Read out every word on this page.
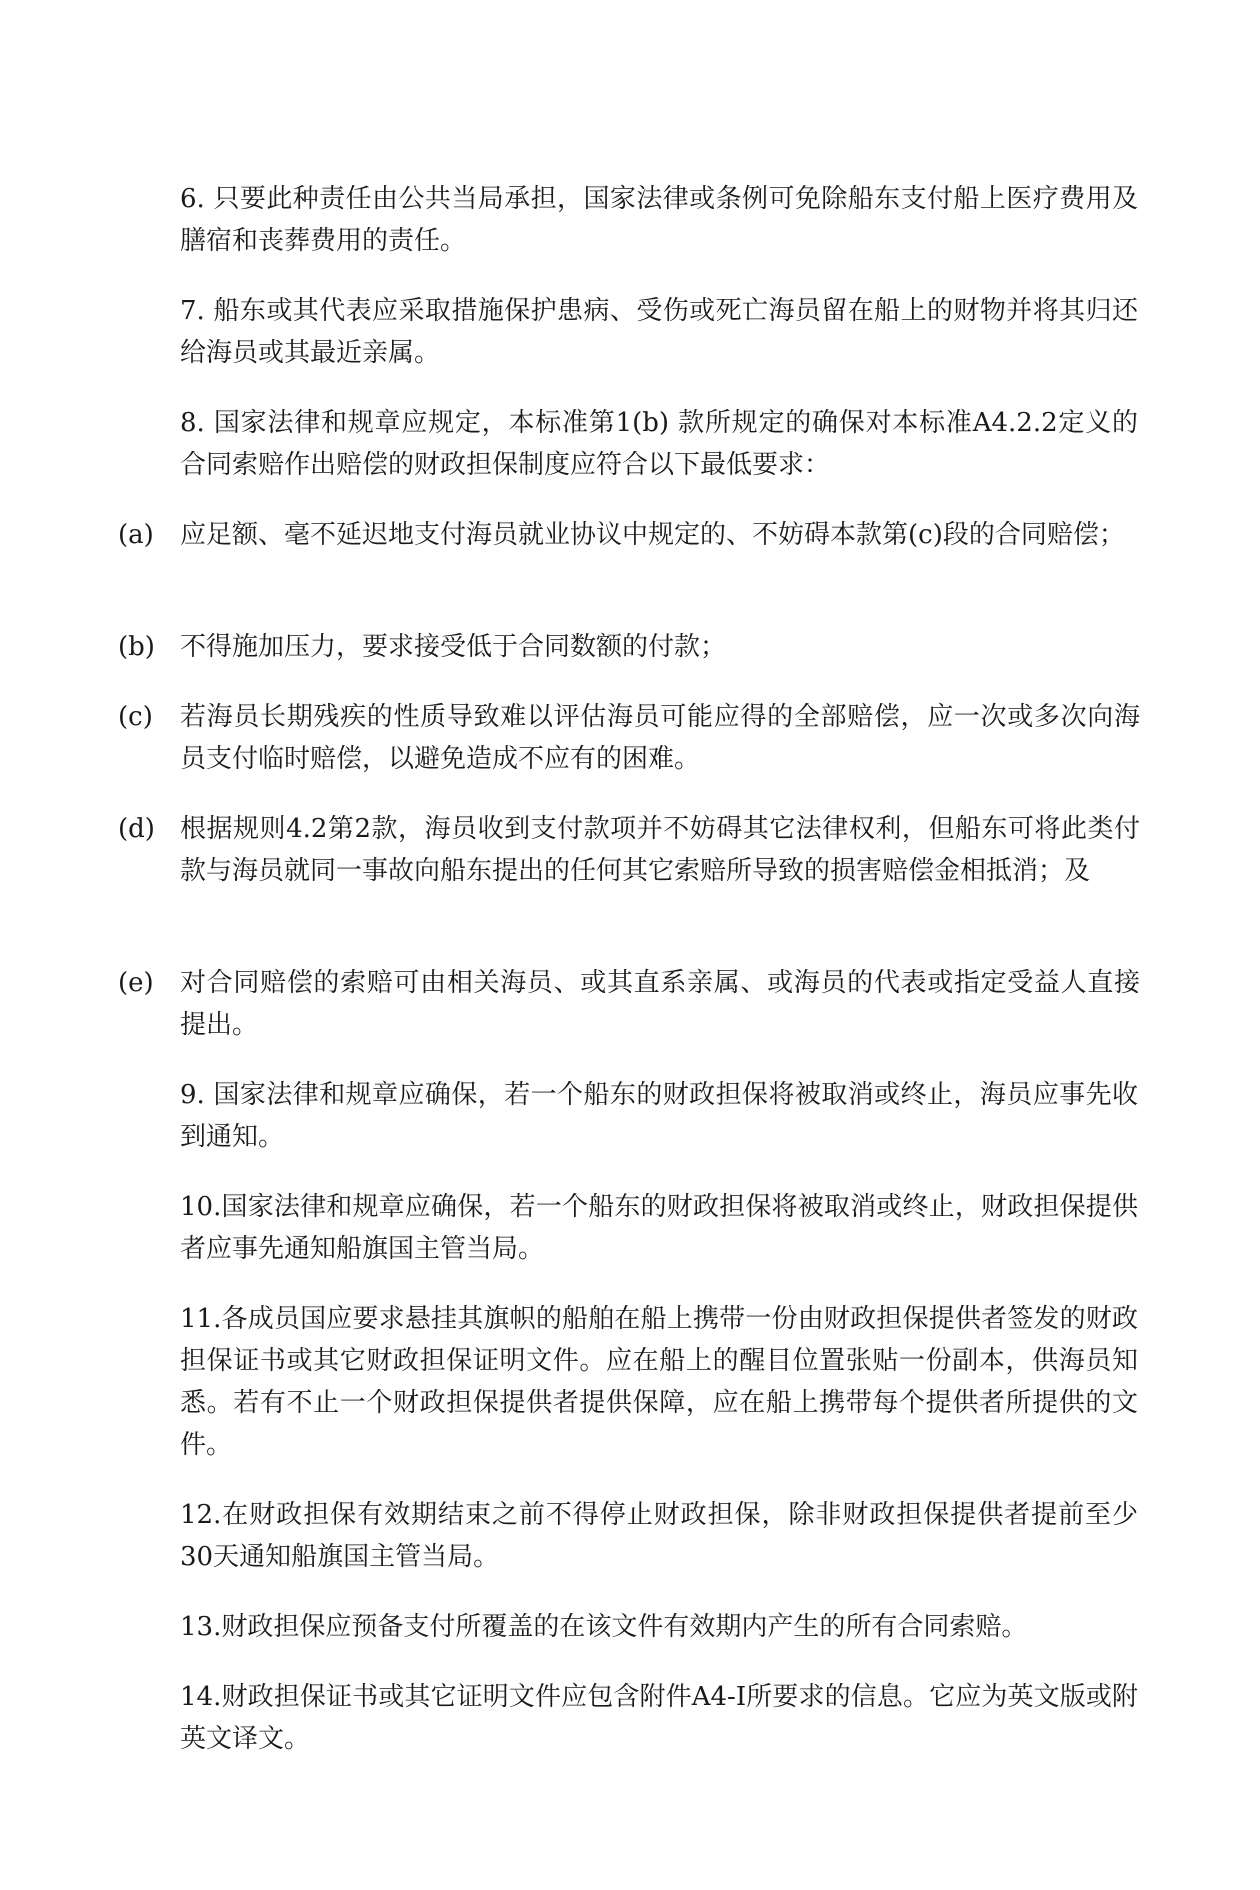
6. 只要此种责任由公共当局承担，国家法律或条例可免除船东支付船上医疗费用及膳宿和丧葬费用的责任。

7. 船东或其代表应采取措施保护患病、受伤或死亡海员留在船上的财物并将其归还给海员或其最近亲属。

8. 国家法律和规章应规定，本标准第1(b) 款所规定的确保对本标准A4.2.2定义的合同索赔作出赔偿的财政担保制度应符合以下最低要求：

(a)	应足额、毫不延迟地支付海员就业协议中规定的、不妨碍本款第(c)段的合同赔偿；
(b) 不得施加压力，要求接受低于合同数额的付款；
(c)	若海员长期残疾的性质导致难以评估海员可能应得的全部赔偿，应一次或多次向海员支付临时赔偿，以避免造成不应有的困难。
(d) 根据规则4.2第2款，海员收到支付款项并不妨碍其它法律权利，但船东可将此类付款与海员就同一事故向船东提出的任何其它索赔所导致的损害赔偿金相抵消；及
(e)	对合同赔偿的索赔可由相关海员、或其直系亲属、或海员的代表或指定受益人直接提出。

9. 国家法律和规章应确保，若一个船东的财政担保将被取消或终止，海员应事先收到通知。

10.国家法律和规章应确保，若一个船东的财政担保将被取消或终止，财政担保提供者应事先通知船旗国主管当局。

11.各成员国应要求悬挂其旗帜的船舶在船上携带一份由财政担保提供者签发的财政担保证书或其它财政担保证明文件。应在船上的醒目位置张贴一份副本，供海员知悉。若有不止一个财政担保提供者提供保障，应在船上携带每个提供者所提供的文件。

12.在财政担保有效期结束之前不得停止财政担保，除非财政担保提供者提前至少30天通知船旗国主管当局。

13.财政担保应预备支付所覆盖的在该文件有效期内产生的所有合同索赔。

14.财政担保证书或其它证明文件应包含附件A4-I所要求的信息。它应为英文版或附英文译文。
